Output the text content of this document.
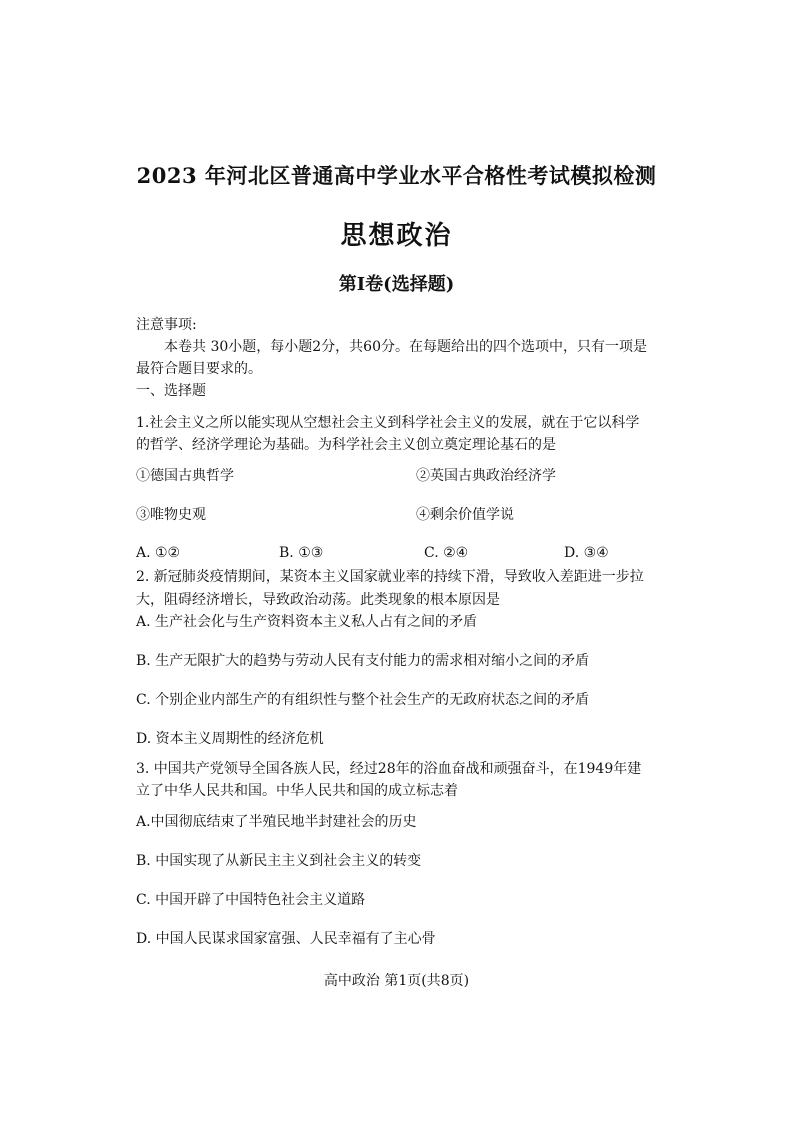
2023 年河北区普通高中学业水平合格性考试模拟检测
思想政治
第Ⅰ卷(选择题)
注意事项:
本卷共 30小题，每小题2分，共60分。在每题给出的四个选项中，只有一项是
最符合题目要求的。
一、选择题
1.社会主义之所以能实现从空想社会主义到科学社会主义的发展，就在于它以科学
的哲学、经济学理论为基础。为科学社会主义创立奠定理论基石的是
①德国古典哲学	②英国古典政治经济学
③唯物史观	④剩余价值学说
A. ①②	B. ①③	C. ②④	D. ③④
2. 新冠肺炎疫情期间，某资本主义国家就业率的持续下滑，导致收入差距进一步拉
大，阻碍经济增长，导致政治动荡。此类现象的根本原因是
A. 生产社会化与生产资料资本主义私人占有之间的矛盾
B. 生产无限扩大的趋势与劳动人民有支付能力的需求相对缩小之间的矛盾
C. 个别企业内部生产的有组织性与整个社会生产的无政府状态之间的矛盾
D. 资本主义周期性的经济危机
3. 中国共产党领导全国各族人民，经过28年的浴血奋战和顽强奋斗，在1949年建
立了中华人民共和国。中华人民共和国的成立标志着
A.中国彻底结束了半殖民地半封建社会的历史
B. 中国实现了从新民主主义到社会主义的转变
C. 中国开辟了中国特色社会主义道路
D. 中国人民谋求国家富强、人民幸福有了主心骨
高中政治 第1页(共8页)
